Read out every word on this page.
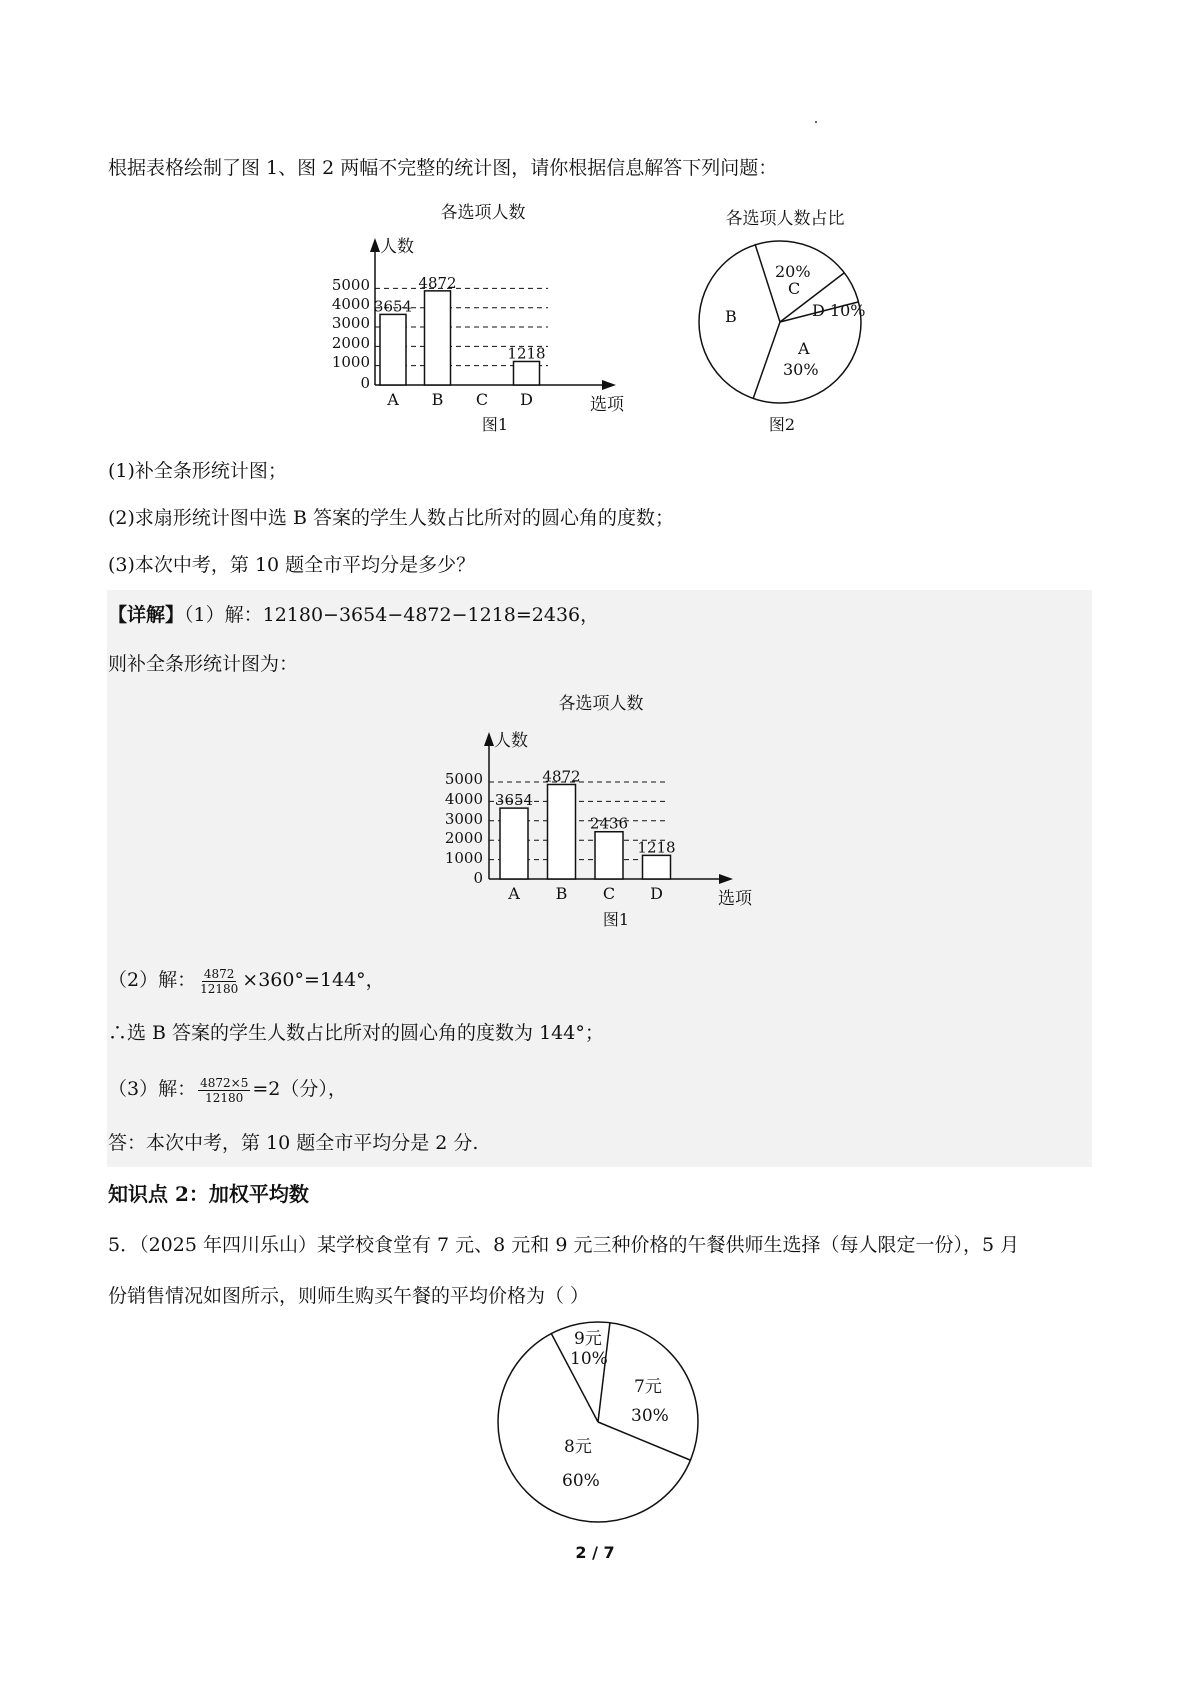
根据表格绘制了图 1、图 2 两幅不完整的统计图，请你根据信息解答下列问题：
各选项人数
人数
选项
5000
4000
3000
2000
1000
0
3654
A
4872
B C
1218
D
图1
各选项人数占比
B
20%
C
D 10%
A
30%
图2
(1)补全条形统计图；
(2)求扇形统计图中选 B 答案的学生人数占比所对的圆心角的度数；
(3)本次中考，第 10 题全市平均分是多少？
【详解】（1）解：12180−3654−4872−1218=2436，
则补全条形统计图为：
各选项人数
人数
选项
5000
4000
3000
2000
1000
0
3654
A
4872
B
2436
C
1218
D
图1
（2）解： $\frac{4872}{12180} \times 360^\circ=144^\circ$，
∴选 B 答案的学生人数占比所对的圆心角的度数为 144°；
（3）解： $\frac{4872\times 5}{12180} =2$（分），
答：本次中考，第 10 题全市平均分是 2 分.
知识点 2：加权平均数
5．（2025 年四川乐山）某学校食堂有 7 元、8 元和 9 元三种价格的午餐供师生选择（每人限定一份），5 月
份销售情况如图所示，则师生购买午餐的平均价格为（ ）
9元
10%
7元
30%
8元
60%
2 / 7
